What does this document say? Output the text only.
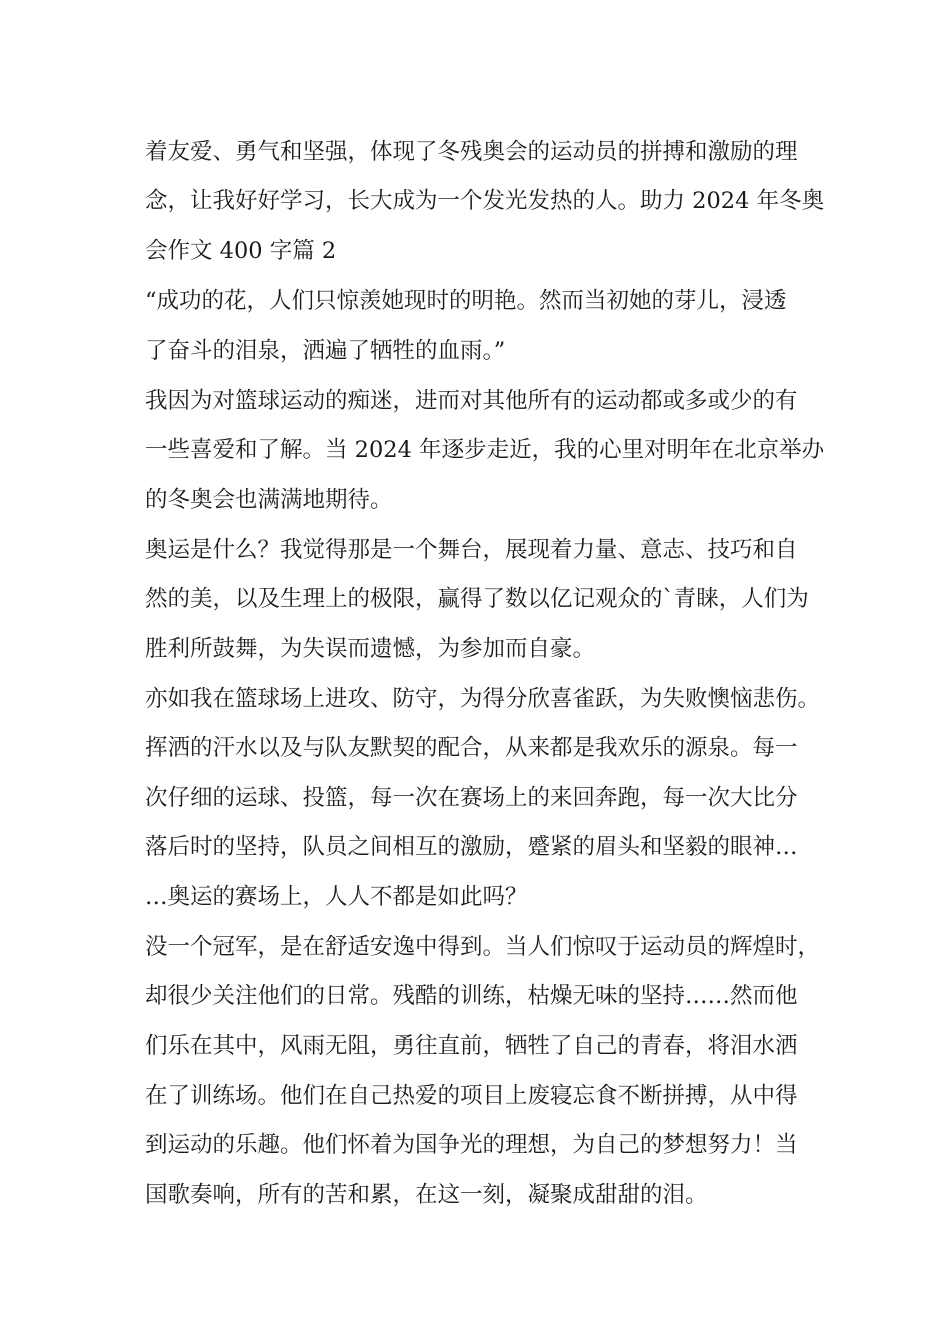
着友爱、勇气和坚强，体现了冬残奥会的运动员的拼搏和激励的理
念，让我好好学习，长大成为一个发光发热的人。助力 2024 年冬奥
会作文 400 字篇 2
“成功的花，人们只惊羡她现时的明艳。然而当初她的芽儿，浸透
了奋斗的泪泉，洒遍了牺牲的血雨。”
我因为对篮球运动的痴迷，进而对其他所有的运动都或多或少的有
一些喜爱和了解。当 2024 年逐步走近，我的心里对明年在北京举办
的冬奥会也满满地期待。
奥运是什么？我觉得那是一个舞台，展现着力量、意志、技巧和自
然的美，以及生理上的极限，赢得了数以亿记观众的`青睐，人们为
胜利所鼓舞，为失误而遗憾，为参加而自豪。
亦如我在篮球场上进攻、防守，为得分欣喜雀跃，为失败懊恼悲伤。
挥洒的汗水以及与队友默契的配合，从来都是我欢乐的源泉。每一
次仔细的运球、投篮，每一次在赛场上的来回奔跑，每一次大比分
落后时的坚持，队员之间相互的激励，蹙紧的眉头和坚毅的眼神…
…奥运的赛场上，人人不都是如此吗？
没一个冠军，是在舒适安逸中得到。当人们惊叹于运动员的辉煌时，
却很少关注他们的日常。残酷的训练，枯燥无味的坚持……然而他
们乐在其中，风雨无阻，勇往直前，牺牲了自己的青春，将泪水洒
在了训练场。他们在自己热爱的项目上废寝忘食不断拼搏，从中得
到运动的乐趣。他们怀着为国争光的理想，为自己的梦想努力！当
国歌奏响，所有的苦和累，在这一刻，凝聚成甜甜的泪。
